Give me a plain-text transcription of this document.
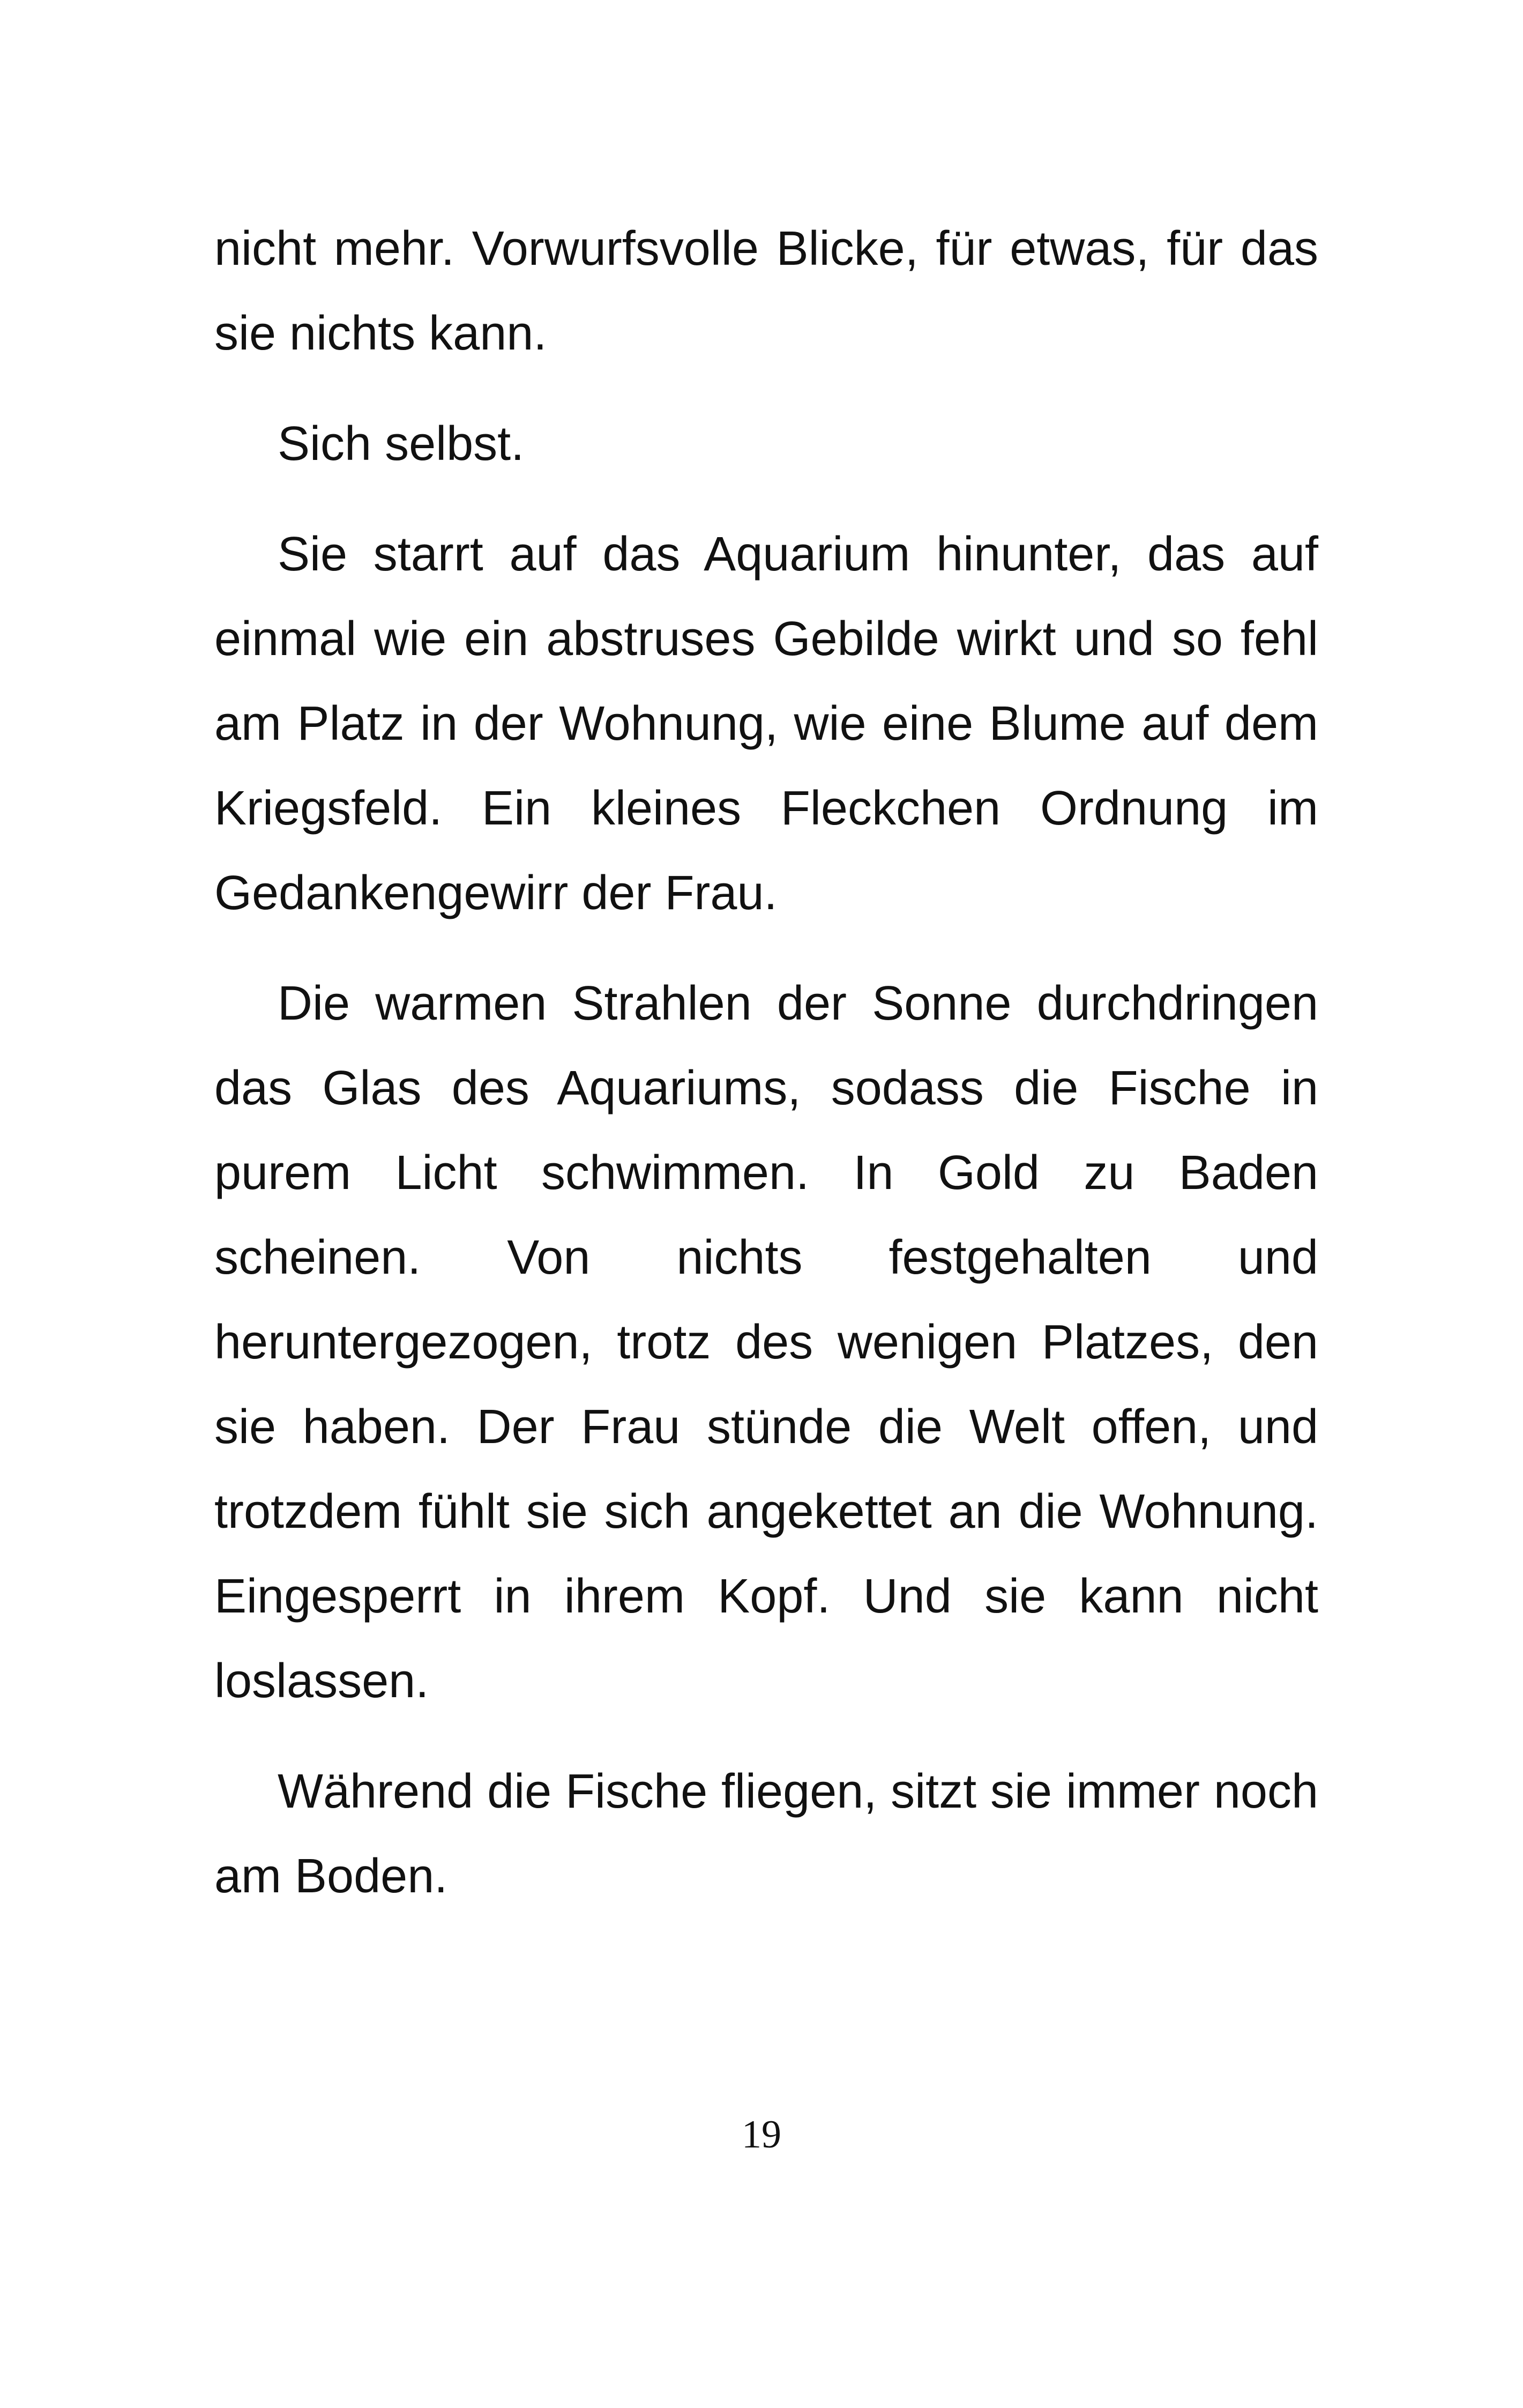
nicht mehr. Vorwurfsvolle Blicke, für etwas, für das sie nichts kann.

Sich selbst.

Sie starrt auf das Aquarium hinunter, das auf einmal wie ein abstruses Gebilde wirkt und so fehl am Platz in der Wohnung, wie eine Blume auf dem Kriegsfeld. Ein kleines Fleckchen Ordnung im Gedankengewirr der Frau.

Die warmen Strahlen der Sonne durchdringen das Glas des Aquariums, sodass die Fische in purem Licht schwimmen. In Gold zu Baden scheinen. Von nichts festgehalten und heruntergezogen, trotz des wenigen Platzes, den sie haben. Der Frau stünde die Welt offen, und trotzdem fühlt sie sich angekettet an die Wohnung. Eingesperrt in ihrem Kopf. Und sie kann nicht loslassen.

Während die Fische fliegen, sitzt sie immer noch am Boden.

19
